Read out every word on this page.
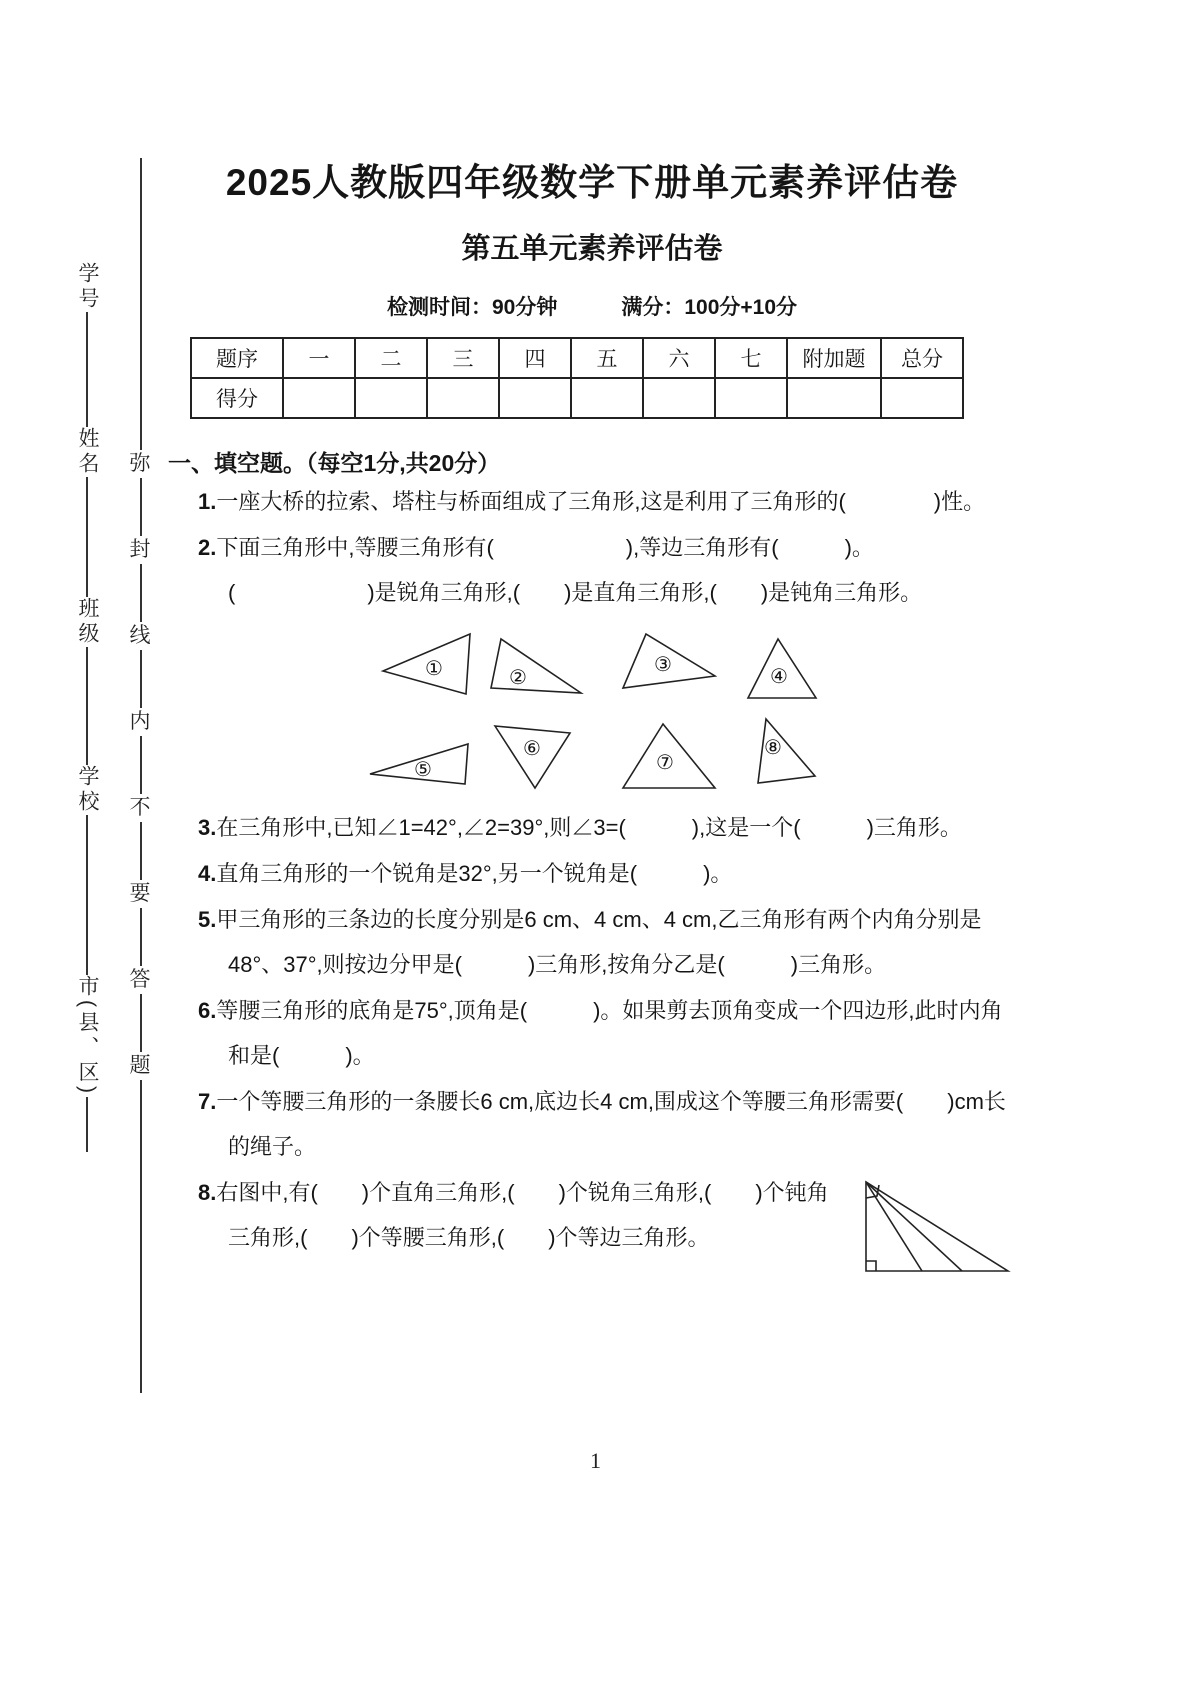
学号
姓名
班级
学校
市(县、区)
弥
封
线
内
不
要
答
题
2025人教版四年级数学下册单元素养评估卷
第五单元素养评估卷
检测时间：90分钟	满分：100分+10分
题序	一	二	三	四	五	六	七	附加题	总分
得分									
一、填空题。（每空1分,共20分）
1.一座大桥的拉索、塔柱与桥面组成了三角形,这是利用了三角形的(　　　　)性。
2.下面三角形中,等腰三角形有(　　　　　　),等边三角形有(　　　)。(　　　　　　)是锐角三角形,(　　)是直角三角形,(　　)是钝角三角形。
①	②
③
④
⑤
⑥
⑦
⑧
3.在三角形中,已知∠1=42°,∠2=39°,则∠3=(　　　),这是一个(　　　)三角形。
4.直角三角形的一个锐角是32°,另一个锐角是(　　　)。
5.甲三角形的三条边的长度分别是6 cm、4 cm、4 cm,乙三角形有两个内角分别是48°、37°,则按边分甲是(　　　)三角形,按角分乙是(　　　)三角形。
6.等腰三角形的底角是75°,顶角是(　　　)。如果剪去顶角变成一个四边形,此时内角和是(　　　)。
7.一个等腰三角形的一条腰长6 cm,底边长4 cm,围成这个等腰三角形需要(　　)cm长的绳子。
8.右图中,有(　　)个直角三角形,(　　)个锐角三角形,(　　)个钝角三角形,(　　)个等腰三角形,(　　)个等边三角形。
1
